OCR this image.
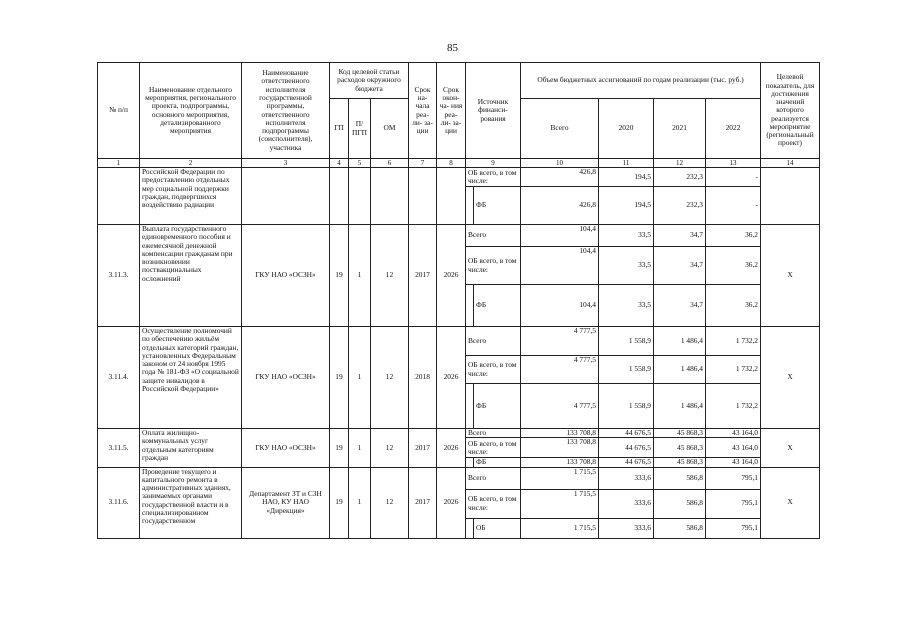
85
№ п/п	Наименование отдельного мероприятия, регионального проекта, подпрограммы, основного мероприятия, детализированного мероприятия	Наименование ответственного исполнителя государственной программы, ответственного исполнителя подпрограммы (соисполнителя), участника	Код целевой статьи расходов окружного бюджета			Срок на- чала реа- ли- за- ции	Срок окон- ча- ния реа- ли- за- ции	Источник финанси- рования	Объем бюджетных ассигнований по годам реализации (тыс. руб.)				Целевой показатель, для достижения значений которого реализуется мероприятие (региональный проект)
			ГП	П/ ПГП	ОМ				Всего	2020	2021	2022	
1	2	3	4	5	6	7	8	9	10	11	12	13	14
	Российской Федерации по предоставлению отдельных мер социальной поддержки граждан, подвергшихся воздействию радиации							ОБ всего, в том числе:	426,8	194,5	232,3	-	
								ФБ	426,8	194,5	232,3	-	
3.11.3.	Выплата государственного единовременного пособия и ежемесячной денежной компенсации гражданам при возникновении поствакцинальных осложнений	ГКУ НАО «ОСЗН»	19	1	12	2017	2026	Всего	104,4	33,5	34,7	36,2	X
								ОБ всего, в том числе:	104,4	33,5	34,7	36,2	
								ФБ	104,4	33,5	34,7	36,2	
3.11.4.	Осуществление полномочий по обеспечению жильём отдельных категорий граждан, установленных Федеральным законом от 24 ноября 1995 года № 181-ФЗ «О социальной защите инвалидов в Российской Федерации»	ГКУ НАО «ОСЗН»	19	1	12	2018	2026	Всего	4 777,5	1 558,9	1 486,4	1 732,2	X
								ОБ всего, в том числе:	4 777,5	1 558,9	1 486,4	1 732,2	
								ФБ	4 777,5	1 558,9	1 486,4	1 732,2	
3.11.5.	Оплата жилищно-коммунальных услуг отдельным категориям граждан	ГКУ НАО «ОСЗН»	19	1	12	2017	2026	Всего	133 708,8	44 676,5	45 868,3	43 164,0	X
								ОБ всего, в том числе:	133 708,8	44 676,5	45 868,3	43 164,0	
								ФБ	133 708,8	44 676,5	45 868,3	43 164,0	
3.11.6.	Проведение текущего и капитального ремонта в административных зданиях, занимаемых органами государственной власти и в специализированном государственном	Департамент ЗТ и СЗН НАО, КУ НАО «Дирекция»	19	1	12	2017	2026	Всего	1 715,5	333,6	586,8	795,1	X
								ОБ всего, в том числе:	1 715,5	333,6	586,8	795,1	
								ОБ	1 715,5	333,6	586,8	795,1	
